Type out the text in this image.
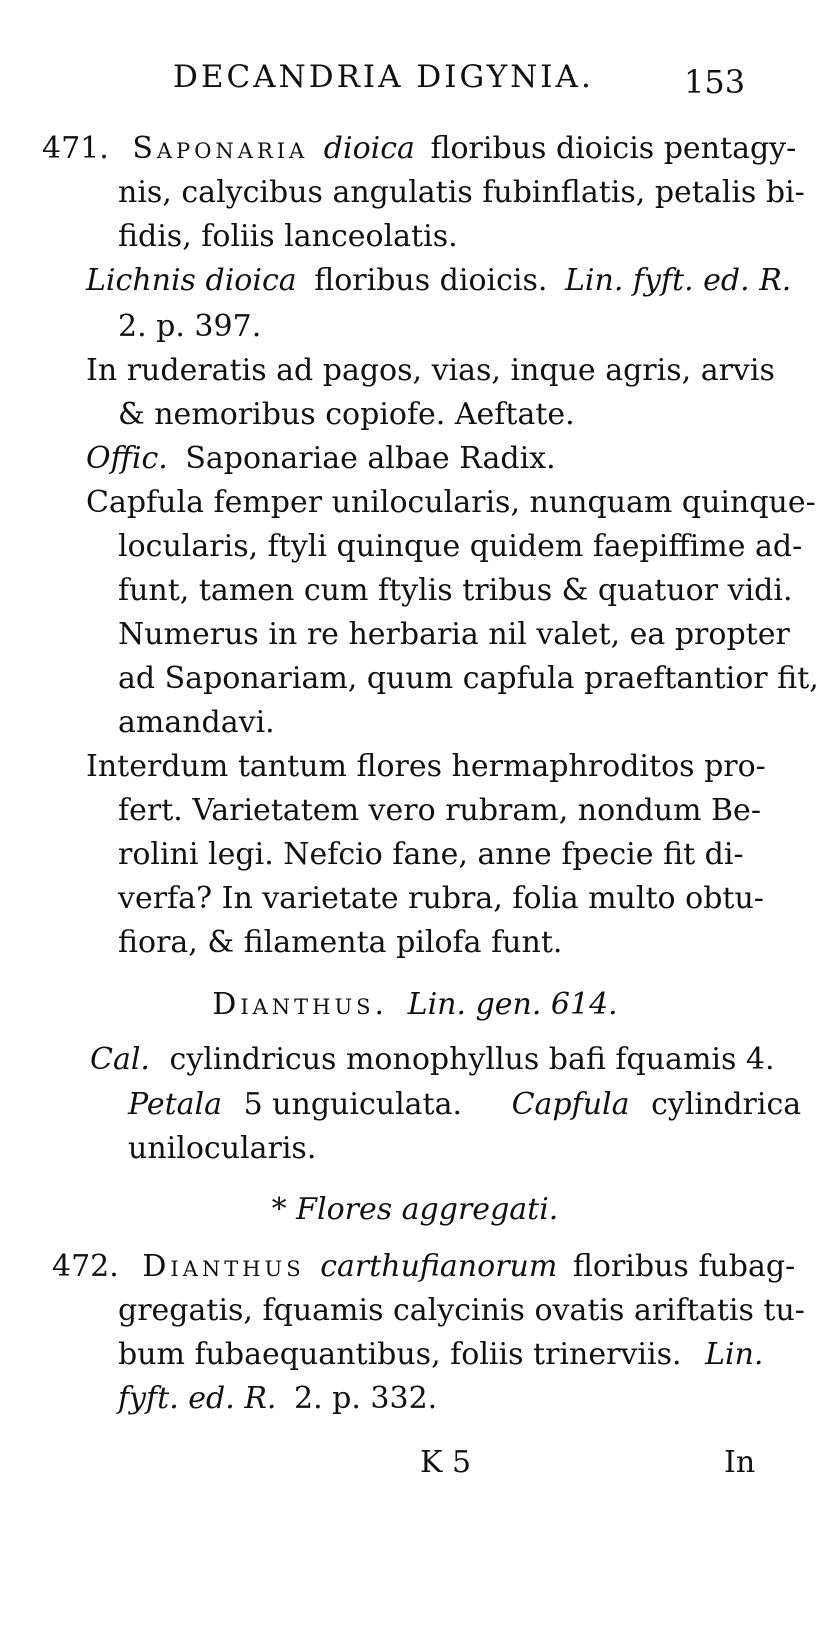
DECANDRIA DIGYNIA.	153
471. Saponaria dioica floribus dioicis pentagy-
nis, calycibus angulatis fubinflatis, petalis bi-
fidis, foliis lanceolatis.
Lichnis dioica floribus dioicis. Lin. fyft. ed. R.
2. p. 397.
In ruderatis ad pagos, vias, inque agris, arvis
& nemoribus copiofe. Aeftate.
Offic. Saponariae albae Radix.
Capfula femper unilocularis, nunquam quinque-
locularis, ftyli quinque quidem faepiffime ad-
funt, tamen cum ftylis tribus & quatuor vidi.
Numerus in re herbaria nil valet, ea propter
ad Saponariam, quum capfula praeftantior fit,
amandavi.
Interdum tantum flores hermaphroditos pro-
fert. Varietatem vero rubram, nondum Be-
rolini legi. Nefcio fane, anne fpecie fit di-
verfa? In varietate rubra, folia multo obtu-
fiora, & filamenta pilofa funt.
Dianthus. Lin. gen. 614.
Cal. cylindricus monophyllus bafi fquamis 4.
Petala 5 unguiculata. Capfula cylindrica
unilocularis.
* Flores aggregati.
472. Dianthus carthufianorum floribus fubag-
gregatis, fquamis calycinis ovatis ariftatis tu-
bum fubaequantibus, foliis trinerviis. Lin.
fyft. ed. R. 2. p. 332.
K 5	In
